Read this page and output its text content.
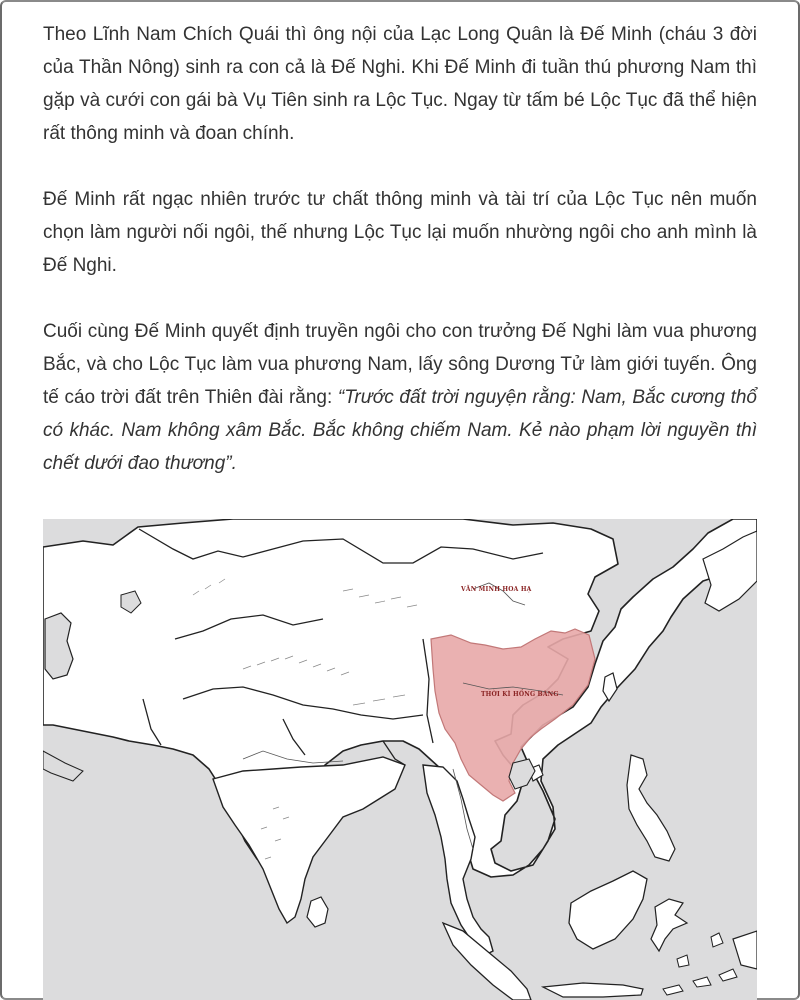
Theo Lĩnh Nam Chích Quái thì ông nội của Lạc Long Quân là Đế Minh (cháu 3 đời của Thần Nông) sinh ra con cả là Đế Nghi. Khi Đế Minh đi tuần thú phương Nam thì gặp và cưới con gái bà Vụ Tiên sinh ra Lộc Tục. Ngay từ tấm bé Lộc Tục đã thể hiện rất thông minh và đoan chính.

Đế Minh rất ngạc nhiên trước tư chất thông minh và tài trí của Lộc Tục nên muốn chọn làm người nối ngôi, thế nhưng Lộc Tục lại muốn nhường ngôi cho anh mình là Đế Nghi.

Cuối cùng Đế Minh quyết định truyền ngôi cho con trưởng Đế Nghi làm vua phương Bắc, và cho Lộc Tục làm vua phương Nam, lấy sông Dương Tử làm giới tuyến. Ông tế cáo trời đất trên Thiên đài rằng: “Trước đất trời nguyện rằng: Nam, Bắc cương thổ có khác. Nam không xâm Bắc. Bắc không chiếm Nam. Kẻ nào phạm lời nguyền thì chết dưới đao thương”.

VĂN MINH HOA HẠ
THỜI KÌ HỒNG BÀNG
